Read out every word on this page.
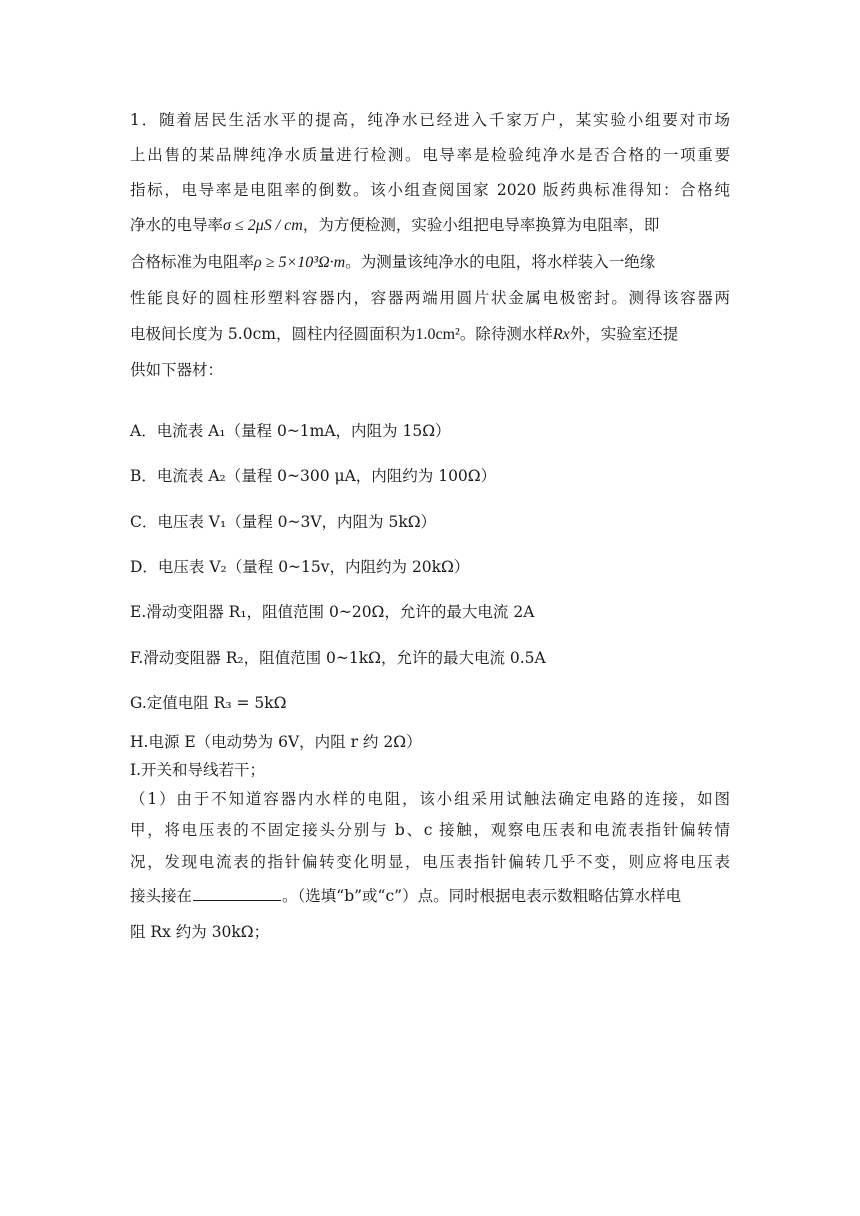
1．随着居民生活水平的提高，纯净水已经进入千家万户，某实验小组要对市场
上出售的某品牌纯净水质量进行检测。电导率是检验纯净水是否合格的一项重要
指标，电导率是电阻率的倒数。该小组查阅国家 2020 版药典标准得知：合格纯
净水的电导率σ ≤ 2μS / cm，为方便检测，实验小组把电导率换算为电阻率，即
合格标准为电阻率ρ ≥ 5×10³Ω·m。为测量该纯净水的电阻，将水样装入一绝缘
性能良好的圆柱形塑料容器内，容器两端用圆片状金属电极密封。测得该容器两
电极间长度为 5.0cm，圆柱内径圆面积为1.0cm²。除待测水样Rx外，实验室还提
供如下器材：
A．电流表 A₁（量程 0~1mA，内阻为 15Ω）
B．电流表 A₂（量程 0~300 μA，内阻约为 100Ω）
C．电压表 V₁（量程 0~3V，内阻为 5kΩ）
D．电压表 V₂（量程 0~15v，内阻约为 20kΩ）
E.滑动变阻器 R₁，阻值范围 0~20Ω，允许的最大电流 2A
F.滑动变阻器 R₂，阻值范围 0~1kΩ，允许的最大电流 0.5A
G.定值电阻 R₃ = 5kΩ
H.电源 E（电动势为 6V，内阻 r 约 2Ω）
I.开关和导线若干；
（1）由于不知道容器内水样的电阻，该小组采用试触法确定电路的连接，如图
甲，将电压表的不固定接头分别与 b、c 接触，观察电压表和电流表指针偏转情
况，发现电流表的指针偏转变化明显，电压表指针偏转几乎不变，则应将电压表
接头接在	。（选填“b”或“c”）点。同时根据电表示数粗略估算水样电
阻 Rx 约为 30kΩ；
